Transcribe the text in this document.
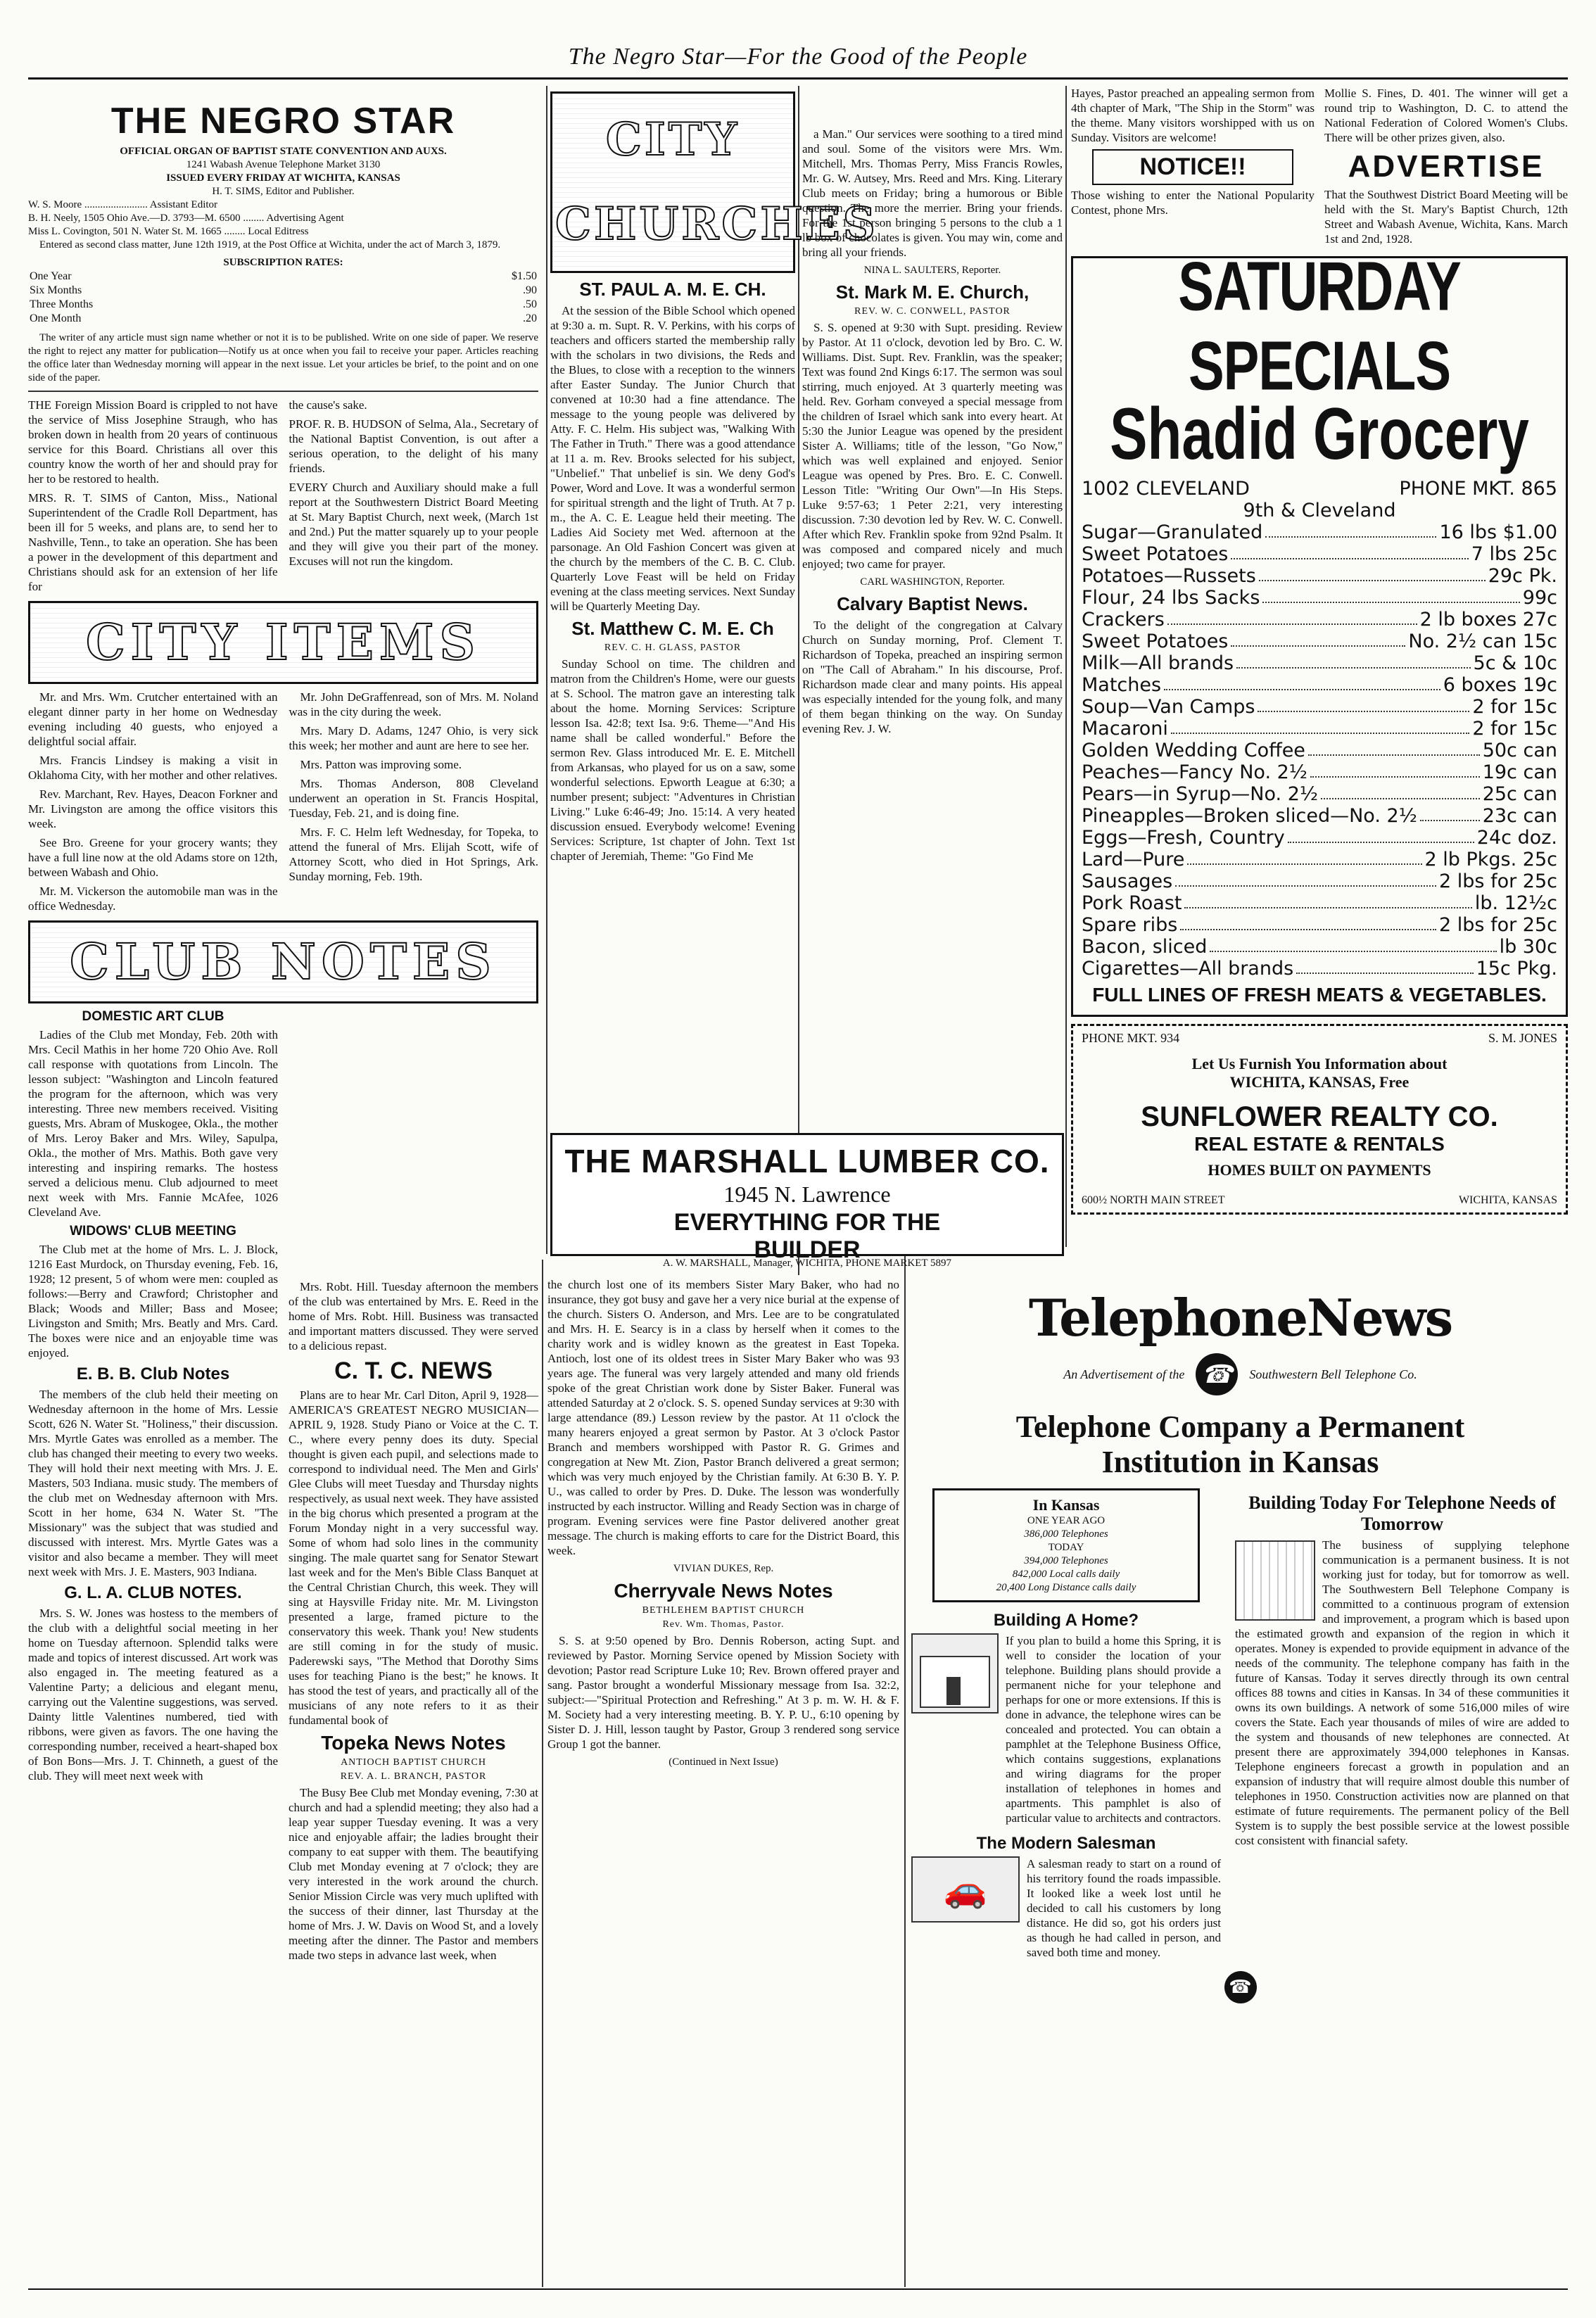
The Negro Star—For the Good of the People
THE NEGRO STAR
OFFICIAL ORGAN OF BAPTIST STATE CONVENTION AND AUXS.
1241 Wabash Avenue Telephone Market 3130
ISSUED EVERY FRIDAY AT WICHITA, KANSAS
H. T. SIMS, Editor and Publisher.
W. S. Moore ........................ Assistant Editor
B. H. Neely, 1505 Ohio Ave.—D. 3793—M. 6500 ........ Advertising Agent
Miss L. Covington, 501 N. Water St. M. 1665 ........ Local Editress
Entered as second class matter, June 12th 1919, at the Post Office at Wichita, under the act of March 3, 1879.
SUBSCRIPTION RATES:
One Year	$1.50
Six Months	.90
Three Months	.50
One Month	.20
The writer of any article must sign name whether or not it is to be published. Write on one side of paper. We reserve the right to reject any matter for publication—Notify us at once when you fail to receive your paper. Articles reaching the office later than Wednesday morning will appear in the next issue. Let your articles be brief, to the point and on one side of the paper.
THE Foreign Mission Board is crippled to not have the service of Miss Josephine Straugh, who has broken down in health from 20 years of continuous service for this Board. Christians all over this country know the worth of her and should pray for her to be restored to health.
MRS. R. T. SIMS of Canton, Miss., National Superintendent of the Cradle Roll Department, has been ill for 5 weeks, and plans are, to send her to Nashville, Tenn., to take an operation. She has been a power in the development of this department and Christians should ask for an extension of her life for
the cause's sake.
PROF. R. B. HUDSON of Selma, Ala., Secretary of the National Baptist Convention, is out after a serious operation, to the delight of his many friends.
EVERY Church and Auxiliary should make a full report at the Southwestern District Board Meeting at St. Mary Baptist Church, next week, (March 1st and 2nd.) Put the matter squarely up to your people and they will give you their part of the money. Excuses will not run the kingdom.
CITY ITEMS
Mr. and Mrs. Wm. Crutcher entertained with an elegant dinner party in her home on Wednesday evening including 40 guests, who enjoyed a delightful social affair.
Mrs. Francis Lindsey is making a visit in Oklahoma City, with her mother and other relatives.
Rev. Marchant, Rev. Hayes, Deacon Forkner and Mr. Livingston are among the office visitors this week.
See Bro. Greene for your grocery wants; they have a full line now at the old Adams store on 12th, between Wabash and Ohio.
Mr. M. Vickerson the automobile man was in the office Wednesday.
Mr. John DeGraffenread, son of Mrs. M. Noland was in the city during the week.
Mrs. Mary D. Adams, 1247 Ohio, is very sick this week; her mother and aunt are here to see her.
Mrs. Patton was improving some.
Mrs. Thomas Anderson, 808 Cleveland underwent an operation in St. Francis Hospital, Tuesday, Feb. 21, and is doing fine.
Mrs. F. C. Helm left Wednesday, for Topeka, to attend the funeral of Mrs. Elijah Scott, wife of Attorney Scott, who died in Hot Springs, Ark. Sunday morning, Feb. 19th.
CLUB NOTES
DOMESTIC ART CLUB
Ladies of the Club met Monday, Feb. 20th with Mrs. Cecil Mathis in her home 720 Ohio Ave. Roll call response with quotations from Lincoln. The lesson subject: "Washington and Lincoln featured the program for the afternoon, which was very interesting. Three new members received. Visiting guests, Mrs. Abram of Muskogee, Okla., the mother of Mrs. Leroy Baker and Mrs. Wiley, Sapulpa, Okla., the mother of Mrs. Mathis. Both gave very interesting and inspiring remarks. The hostess served a delicious menu. Club adjourned to meet next week with Mrs. Fannie McAfee, 1026 Cleveland Ave.
WIDOWS' CLUB MEETING
The Club met at the home of Mrs. L. J. Block, 1216 East Murdock, on Thursday evening, Feb. 16, 1928; 12 present, 5 of whom were men: coupled as follows:—Berry and Crawford; Christopher and Black; Woods and Miller; Bass and Mosee; Livingston and Smith; Mrs. Beatly and Mrs. Card. The boxes were nice and an enjoyable time was enjoyed.
E. B. B. Club Notes
The members of the club held their meeting on Wednesday afternoon in the home of Mrs. Lessie Scott, 626 N. Water St. "Holiness," their discussion. Mrs. Myrtle Gates was enrolled as a member. The club has changed their meeting to every two weeks. They will hold their next meeting with Mrs. J. E. Masters, 503 Indiana. music study. The members of the club met on Wednesday afternoon with Mrs. Scott in her home, 634 N. Water St. "The Missionary" was the subject that was studied and discussed with interest. Mrs. Myrtle Gates was a visitor and also became a member. They will meet next week with Mrs. J. E. Masters, 903 Indiana.
G. L. A. CLUB NOTES.
Mrs. S. W. Jones was hostess to the members of the club with a delightful social meeting in her home on Tuesday afternoon. Splendid talks were made and topics of interest discussed. Art work was also engaged in. The meeting featured as a Valentine Party; a delicious and elegant menu, carrying out the Valentine suggestions, was served. Dainty little Valentines numbered, tied with ribbons, were given as favors. The one having the corresponding number, received a heart-shaped box of Bon Bons—Mrs. J. T. Chinneth, a guest of the club. They will meet next week with
Mrs. Robt. Hill. Tuesday afternoon the members of the club was entertained by Mrs. E. Reed in the home of Mrs. Robt. Hill. Business was transacted and important matters discussed. They were served to a delicious repast.
C. T. C. NEWS
Plans are to hear Mr. Carl Diton, April 9, 1928—AMERICA'S GREATEST NEGRO MUSICIAN—APRIL 9, 1928. Study Piano or Voice at the C. T. C., where every penny does its duty. Special thought is given each pupil, and selections made to correspond to individual need. The Men and Girls' Glee Clubs will meet Tuesday and Thursday nights respectively, as usual next week. They have assisted in the big chorus which presented a program at the Forum Monday night in a very successful way. Some of whom had solo lines in the community singing. The male quartet sang for Senator Stewart last week and for the Men's Bible Class Banquet at the Central Christian Church, this week. They will sing at Haysville Friday nite. Mr. M. Livingston presented a large, framed picture to the conservatory this week. Thank you! New students are still coming in for the study of music. Paderewski says, "The Method that Dorothy Sims uses for teaching Piano is the best;" he knows. It has stood the test of years, and practically all of the musicians of any note refers to it as their fundamental book of
Topeka News Notes
ANTIOCH BAPTIST CHURCH
REV. A. L. BRANCH, PASTOR
The Busy Bee Club met Monday evening, 7:30 at church and had a splendid meeting; they also had a leap year supper Tuesday evening. It was a very nice and enjoyable affair; the ladies brought their company to eat supper with them. The beautifying Club met Monday evening at 7 o'clock; they are very interested in the work around the church. Senior Mission Circle was very much uplifted with the success of their dinner, last Thursday at the home of Mrs. J. W. Davis on Wood St, and a lovely meeting after the dinner. The Pastor and members made two steps in advance last week, when
CITY CHURCHES
ST. PAUL A. M. E. CH.
At the session of the Bible School which opened at 9:30 a. m. Supt. R. V. Perkins, with his corps of teachers and officers started the membership rally with the scholars in two divisions, the Reds and the Blues, to close with a reception to the winners after Easter Sunday. The Junior Church that convened at 10:30 had a fine attendance. The message to the young people was delivered by Atty. F. C. Helm. His subject was, "Walking With The Father in Truth." There was a good attendance at 11 a. m. Rev. Brooks selected for his subject, "Unbelief." That unbelief is sin. We deny God's Power, Word and Love. It was a wonderful sermon for spiritual strength and the light of Truth. At 7 p. m., the A. C. E. League held their meeting. The Ladies Aid Society met Wed. afternoon at the parsonage. An Old Fashion Concert was given at the church by the members of the C. B. C. Club. Quarterly Love Feast will be held on Friday evening at the class meeting services. Next Sunday will be Quarterly Meeting Day.
St. Matthew C. M. E. Ch
REV. C. H. GLASS, PASTOR
Sunday School on time. The children and matron from the Children's Home, were our guests at S. School. The matron gave an interesting talk about the home. Morning Services: Scripture lesson Isa. 42:8; text Isa. 9:6. Theme—"And His name shall be called wonderful." Before the sermon Rev. Glass introduced Mr. E. E. Mitchell from Arkansas, who played for us on a saw, some wonderful selections. Epworth League at 6:30; a number present; subject: "Adventures in Christian Living." Luke 6:46-49; Jno. 15:14. A very heated discussion ensued. Everybody welcome! Evening Services: Scripture, 1st chapter of John. Text 1st chapter of Jeremiah, Theme: "Go Find Me
a Man." Our services were soothing to a tired mind and soul. Some of the visitors were Mrs. Wm. Mitchell, Mrs. Thomas Perry, Miss Francis Rowles, Mr. G. W. Autsey, Mrs. Reed and Mrs. King. Literary Club meets on Friday; bring a humorous or Bible question. The more the merrier. Bring your friends. For the 1st person bringing 5 persons to the club a 1 lb box of chocolates is given. You may win, come and bring all your friends.
NINA L. SAULTERS, Reporter.
St. Mark M. E. Church,
REV. W. C. CONWELL, PASTOR
S. S. opened at 9:30 with Supt. presiding. Review by Pastor. At 11 o'clock, devotion led by Bro. C. W. Williams. Dist. Supt. Rev. Franklin, was the speaker; Text was found 2nd Kings 6:17. The sermon was soul stirring, much enjoyed. At 3 quarterly meeting was held. Rev. Gorham conveyed a special message from the children of Israel which sank into every heart. At 5:30 the Junior League was opened by the president Sister A. Williams; title of the lesson, "Go Now," which was well explained and enjoyed. Senior League was opened by Pres. Bro. E. C. Conwell. Lesson Title: "Writing Our Own"—In His Steps. Luke 9:57-63; 1 Peter 2:21, very interesting discussion. 7:30 devotion led by Rev. W. C. Conwell. After which Rev. Franklin spoke from 92nd Psalm. It was composed and compared nicely and much enjoyed; two came for prayer.
CARL WASHINGTON, Reporter.
Calvary Baptist News.
To the delight of the congregation at Calvary Church on Sunday morning, Prof. Clement T. Richardson of Topeka, preached an inspiring sermon on "The Call of Abraham." In his discourse, Prof. Richardson made clear and many points. His appeal was especially intended for the young folk, and many of them began thinking on the way. On Sunday evening Rev. J. W.
THE MARSHALL LUMBER CO.
1945 N. Lawrence
EVERYTHING FOR THE
BUILDER
A. W. MARSHALL, Manager, WICHITA, PHONE MARKET 5897
the church lost one of its members Sister Mary Baker, who had no insurance, they got busy and gave her a very nice burial at the expense of the church. Sisters O. Anderson, and Mrs. Lee are to be congratulated and Mrs. H. E. Searcy is in a class by herself when it comes to the charity work and is widley known as the greatest in East Topeka. Antioch, lost one of its oldest trees in Sister Mary Baker who was 93 years age. The funeral was very largely attended and many old friends spoke of the great Christian work done by Sister Baker. Funeral was attended Saturday at 2 o'clock. S. S. opened Sunday services at 9:30 with large attendance (89.) Lesson review by the pastor. At 11 o'clock the many hearers enjoyed a great sermon by Pastor. At 3 o'clock Pastor Branch and members worshipped with Pastor R. G. Grimes and congregation at New Mt. Zion, Pastor Branch delivered a great sermon; which was very much enjoyed by the Christian family. At 6:30 B. Y. P. U., was called to order by Pres. D. Duke. The lesson was wonderfully instructed by each instructor. Willing and Ready Section was in charge of program. Evening services were fine Pastor delivered another great message. The church is making efforts to care for the District Board, this week.
VIVIAN DUKES, Rep.
Cherryvale News Notes
BETHLEHEM BAPTIST CHURCH
Rev. Wm. Thomas, Pastor.
S. S. at 9:50 opened by Bro. Dennis Roberson, acting Supt. and reviewed by Pastor. Morning Service opened by Mission Society with devotion; Pastor read Scripture Luke 10; Rev. Brown offered prayer and sang. Pastor brought a wonderful Missionary message from Isa. 32:2, subject:—"Spiritual Protection and Refreshing." At 3 p. m. W. H. & F. M. Society had a very interesting meeting. B. Y. P. U., 6:10 opening by Sister D. J. Hill, lesson taught by Pastor, Group 3 rendered song service Group 1 got the banner.
(Continued in Next Issue)
Hayes, Pastor preached an appealing sermon from 4th chapter of Mark, "The Ship in the Storm" was the theme. Many visitors worshipped with us on Sunday. Visitors are welcome!
NOTICE!!
Those wishing to enter the National Popularity Contest, phone Mrs.
Mollie S. Fines, D. 401. The winner will get a round trip to Washington, D. C. to attend the National Federation of Colored Women's Clubs. There will be other prizes given, also.
ADVERTISE
That the Southwest District Board Meeting will be held with the St. Mary's Baptist Church, 12th Street and Wabash Avenue, Wichita, Kans. March 1st and 2nd, 1928.
SATURDAY SPECIALS
Shadid Grocery
1002 CLEVELAND	PHONE MKT. 865
9th & Cleveland
Sugar—Granulated	16 lbs $1.00
Sweet Potatoes	7 lbs 25c
Potatoes—Russets	29c Pk.
Flour, 24 lbs Sacks	99c
Crackers	2 lb boxes 27c
Sweet Potatoes	No. 2½ can 15c
Milk—All brands	5c & 10c
Matches	6 boxes 19c
Soup—Van Camps	2 for 15c
Macaroni	2 for 15c
Golden Wedding Coffee	50c can
Peaches—Fancy No. 2½	19c can
Pears—in Syrup—No. 2½	25c can
Pineapples—Broken sliced—No. 2½	23c can
Eggs—Fresh, Country	24c doz.
Lard—Pure	2 lb Pkgs. 25c
Sausages	2 lbs for 25c
Pork Roast	lb. 12½c
Spare ribs	2 lbs for 25c
Bacon, sliced	lb 30c
Cigarettes—All brands	15c Pkg.
FULL LINES OF FRESH MEATS & VEGETABLES.
PHONE MKT. 934	S. M. JONES
Let Us Furnish You Information about WICHITA, KANSAS, Free
SUNFLOWER REALTY CO.
REAL ESTATE & RENTALS
HOMES BUILT ON PAYMENTS
600½ NORTH MAIN STREET	WICHITA, KANSAS
TelephoneNews
An Advertisement of the ☎	Southwestern Bell Telephone Co.
Telephone Company a Permanent Institution in Kansas
In Kansas
ONE YEAR AGO
386,000 Telephones
TODAY
394,000 Telephones
842,000 Local calls daily
20,400 Long Distance calls daily
Building A Home?
If you plan to build a home this Spring, it is well to consider the location of your telephone. Building plans should provide a permanent niche for your telephone and perhaps for one or more extensions. If this is done in advance, the telephone wires can be concealed and protected. You can obtain a pamphlet at the Telephone Business Office, which contains suggestions, explanations and wiring diagrams for the proper installation of telephones in homes and apartments. This pamphlet is also of particular value to architects and contractors.
The Modern Salesman
🚗
A salesman ready to start on a round of his territory found the roads impassible. It looked like a week lost until he decided to call his customers by long distance. He did so, got his orders just as though he had called in person, and saved both time and money.
Building Today For Telephone Needs of Tomorrow
The business of supplying telephone communication is a permanent business. It is not working just for today, but for tomorrow as well. The Southwestern Bell Telephone Company is committed to a continuous program of extension and improvement, a program which is based upon the estimated growth and expansion of the region in which it operates. Money is expended to provide equipment in advance of the needs of the community. The telephone company has faith in the future of Kansas. Today it serves directly through its own central offices 88 towns and cities in Kansas. In 34 of these communities it owns its own buildings. A network of some 516,000 miles of wire covers the State. Each year thousands of miles of wire are added to the system and thousands of new telephones are connected. At present there are approximately 394,000 telephones in Kansas. Telephone engineers forecast a growth in population and an expansion of industry that will require almost double this number of telephones in 1950. Construction activities now are planned on that estimate of future requirements. The permanent policy of the Bell System is to supply the best possible service at the lowest possible cost consistent with financial safety.
☎
